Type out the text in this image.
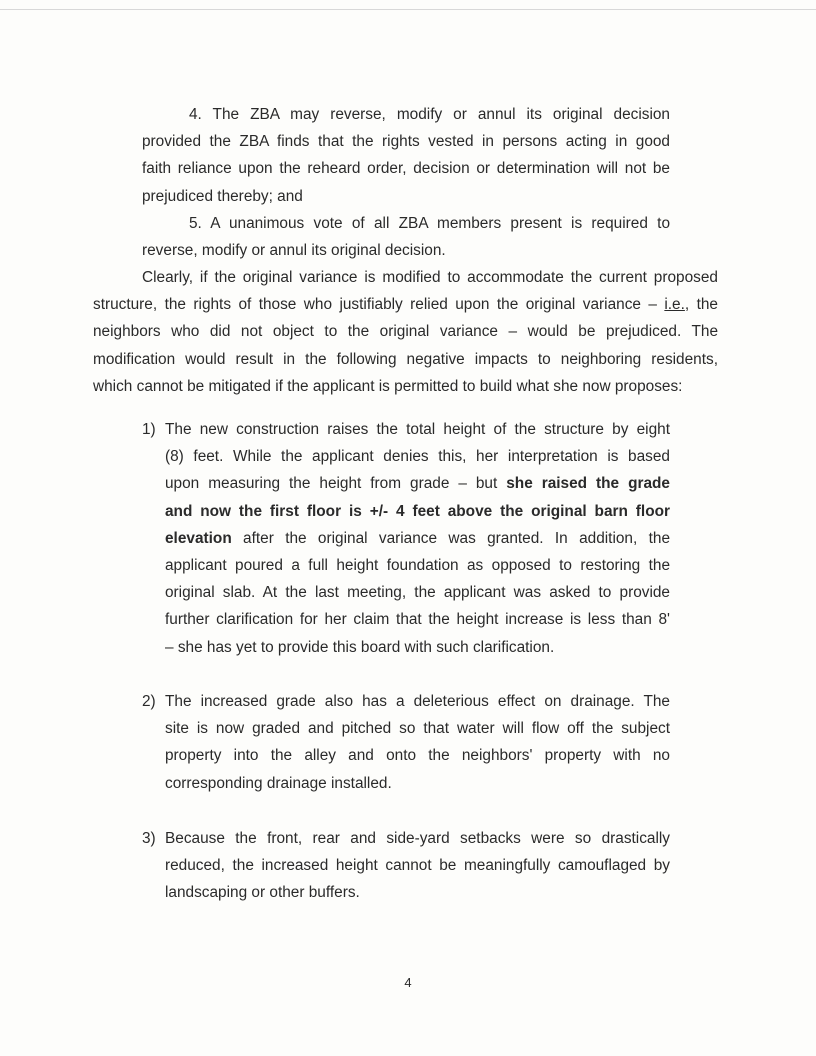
4. The ZBA may reverse, modify or annul its original decision
provided the ZBA finds that the rights vested in persons acting in good
faith reliance upon the reheard order, decision or determination will not be
prejudiced thereby; and
5. A unanimous vote of all ZBA members present is required to
reverse, modify or annul its original decision.
Clearly, if the original variance is modified to accommodate the current proposed
structure, the rights of those who justifiably relied upon the original variance – i.e., the
neighbors who did not object to the original variance – would be prejudiced. The
modification would result in the following negative impacts to neighboring residents,
which cannot be mitigated if the applicant is permitted to build what she now proposes:
1) The new construction raises the total height of the structure by eight
(8) feet. While the applicant denies this, her interpretation is based
upon measuring the height from grade – but she raised the grade
and now the first floor is +/- 4 feet above the original barn floor
elevation after the original variance was granted. In addition, the
applicant poured a full height foundation as opposed to restoring the
original slab. At the last meeting, the applicant was asked to provide
further clarification for her claim that the height increase is less than 8'
– she has yet to provide this board with such clarification.
2) The increased grade also has a deleterious effect on drainage. The
site is now graded and pitched so that water will flow off the subject
property into the alley and onto the neighbors' property with no
corresponding drainage installed.
3) Because the front, rear and side-yard setbacks were so drastically
reduced, the increased height cannot be meaningfully camouflaged by
landscaping or other buffers.
4
